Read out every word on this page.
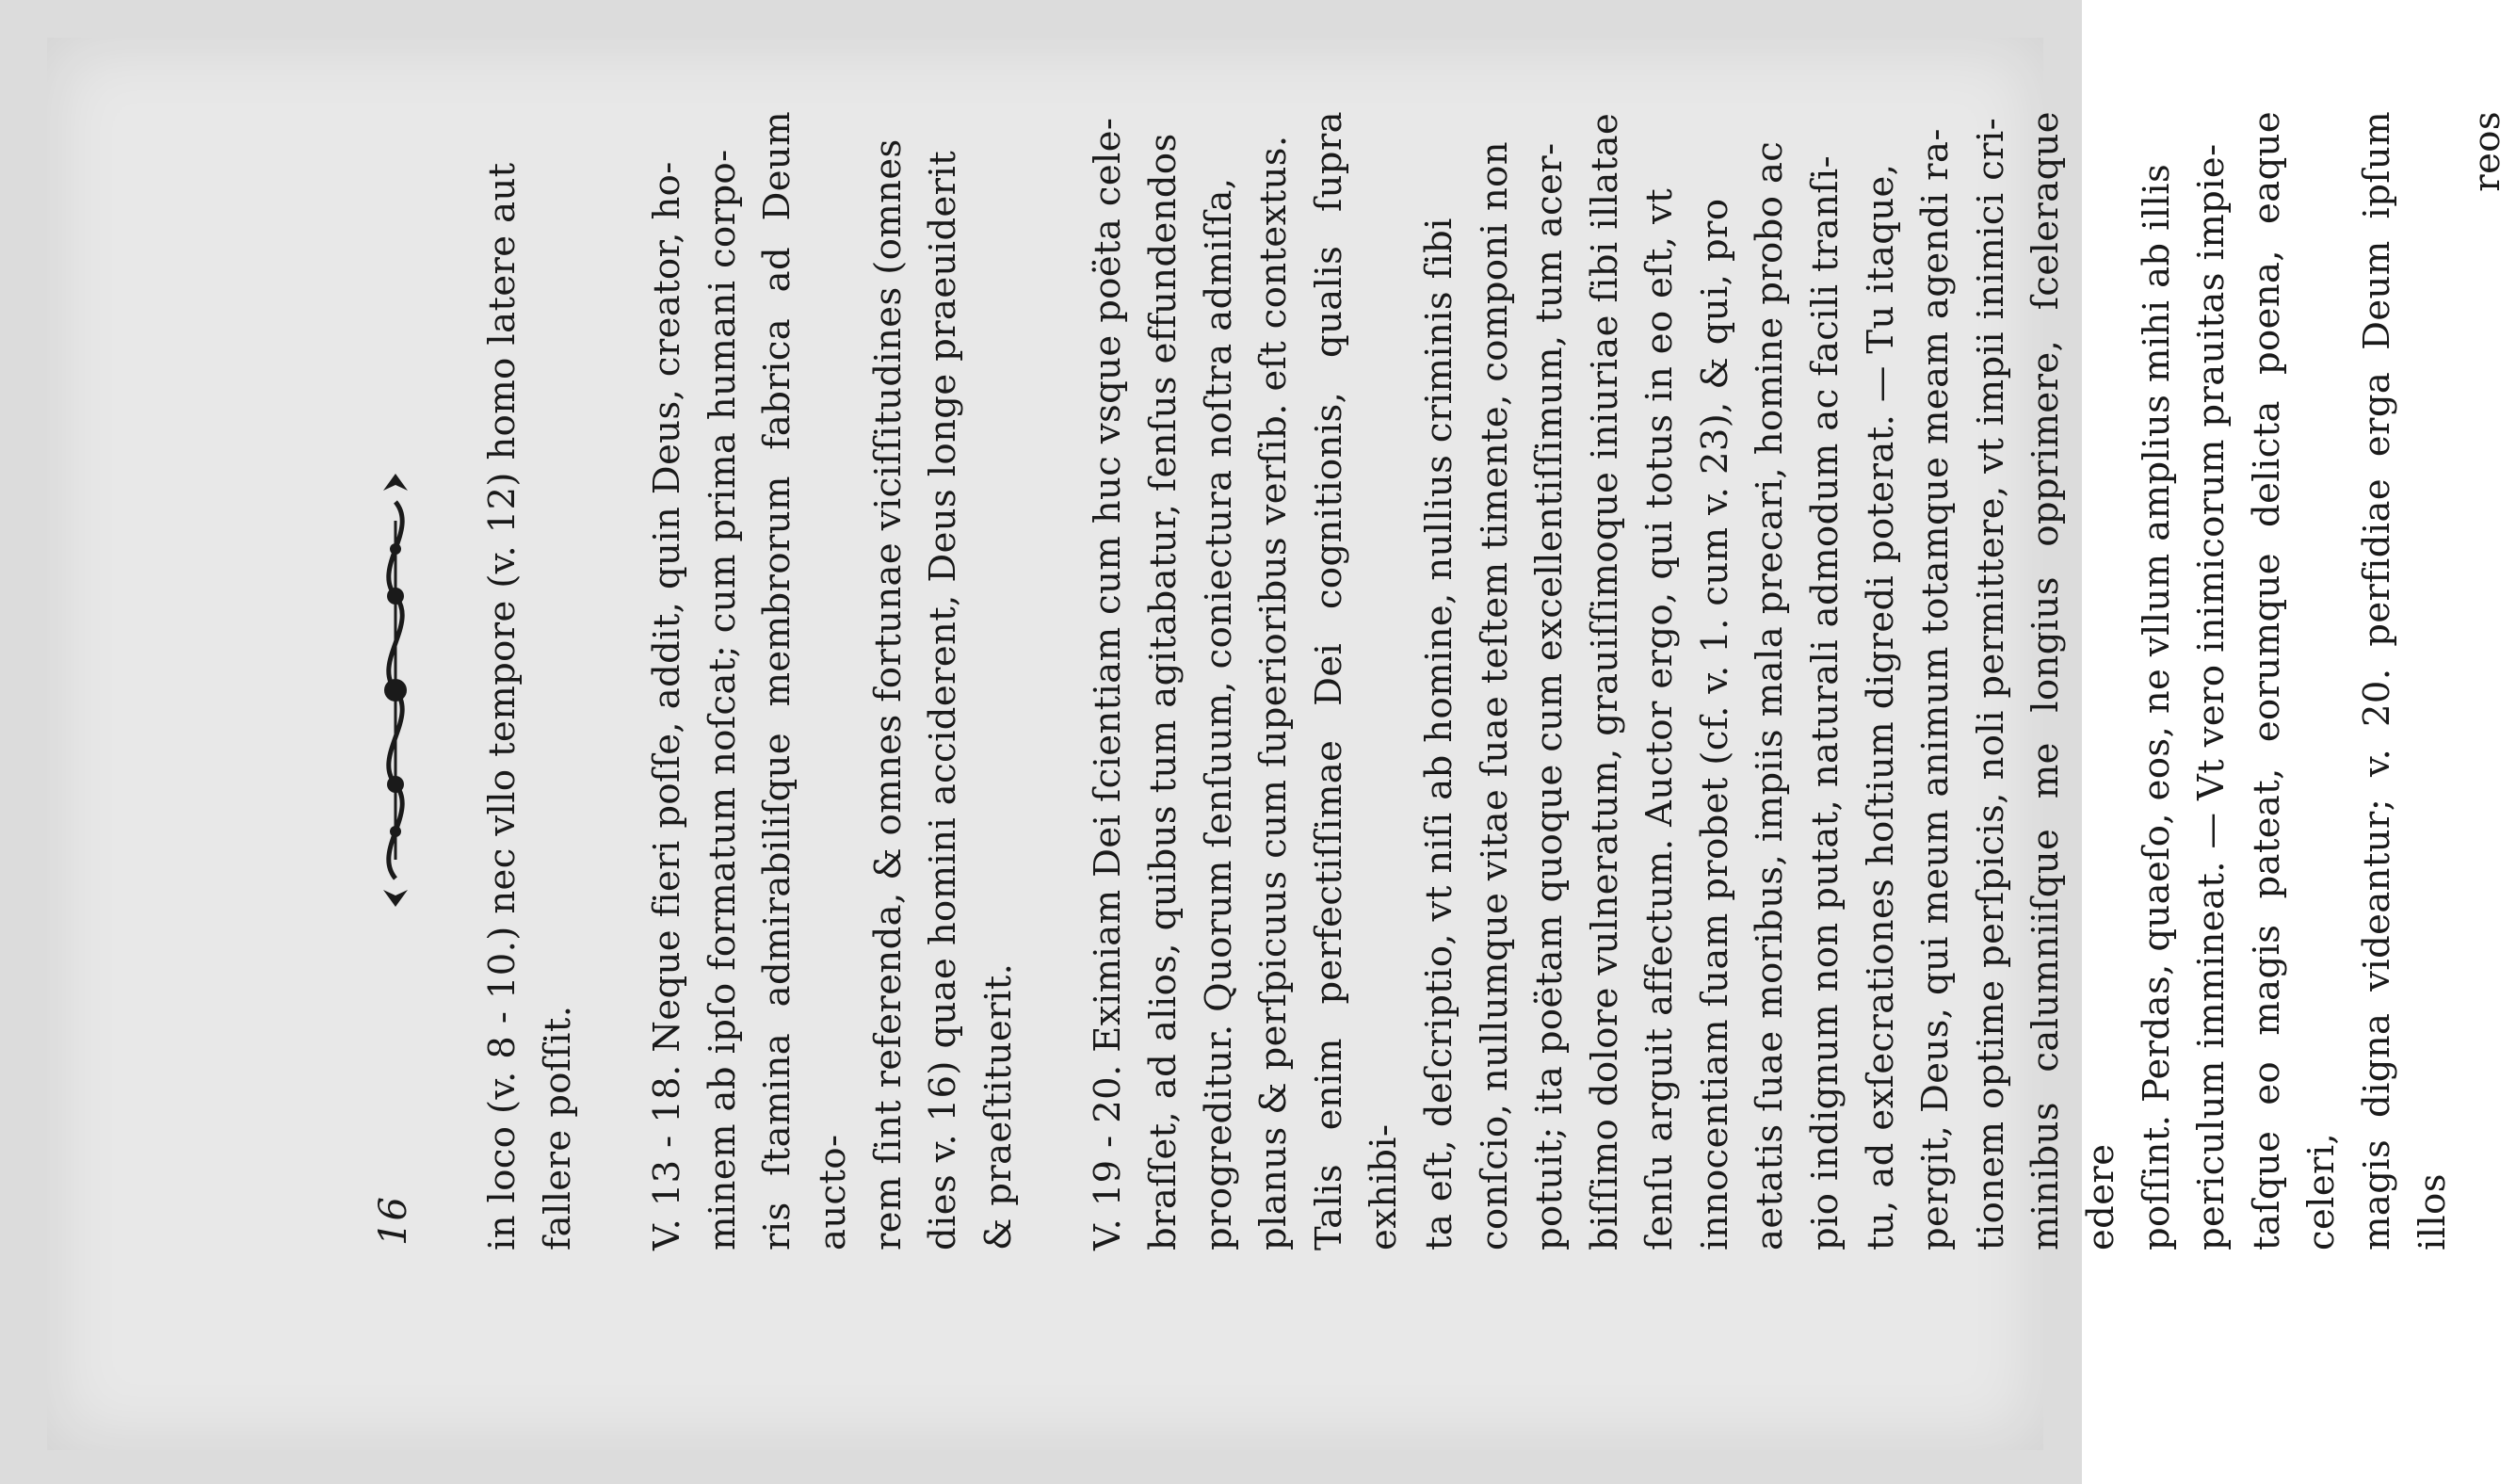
16 in loco (v. 8 - 10.) nec vllo tempore (v. 12) homo latere aut fallere poſſit. V. 13 - 18. Neque fieri poſſe, addit, quin Deus, creator, ho- minem ab ipſo formatum noſcat; cum prima humani corpo- ris ſtamina admirabiliſque membrorum fabrica ad Deum aucto- rem ſint referenda, & omnes fortunae viciſſitudines (omnes dies v. 16) quae homini acciderent, Deus longe praeuiderit & praeſtituerit. V. 19 - 20. Eximiam Dei ſcientiam cum huc vsque poëta cele- braſſet, ad alios, quibus tum agitabatur, ſenſus effundendos progreditur. Quorum ſenſuum, coniectura noſtra admiſſa, planus & perſpicuus cum ſuperioribus verſib. eſt contextus. Talis enim perfectiſſimae Dei cognitionis, qualis ſupra exhibi- ta eſt, deſcriptio, vt niſi ab homine, nullius criminis ſibi conſcio, nullumque vitae ſuae teſtem timente, componi non potuit; ita poëtam quoque cum excellentiſſimum, tum acer- biſſimo dolore vulneratum, grauiſſimoque iniuriae ſibi illatae ſenſu arguit affectum. Auctor ergo, qui totus in eo eſt, vt innocentiam ſuam probet (cf. v. 1. cum v. 23), & qui, pro aetatis ſuae moribus, impiis mala precari, homine probo ac pio indignum non putat, naturali admodum ac facili tranſi- tu, ad exſecrationes hoſtium digredi poterat. — Tu itaque, pergit, Deus, qui meum animum totamque meam agendi ra- tionem optime perſpicis, noli permittere, vt impii inimici cri- minibus calumniiſque me longius opprimere, ſceleraque edere poſſint. Perdas, quaeſo, eos, ne vllum amplius mihi ab illis periculum immineat. — Vt vero inimicorum prauitas impie- taſque eo magis pateat, eorumque delicta poena, eaque celeri, magis digna videantur; v. 20. perfidiae erga Deum ipſum illos

reos
